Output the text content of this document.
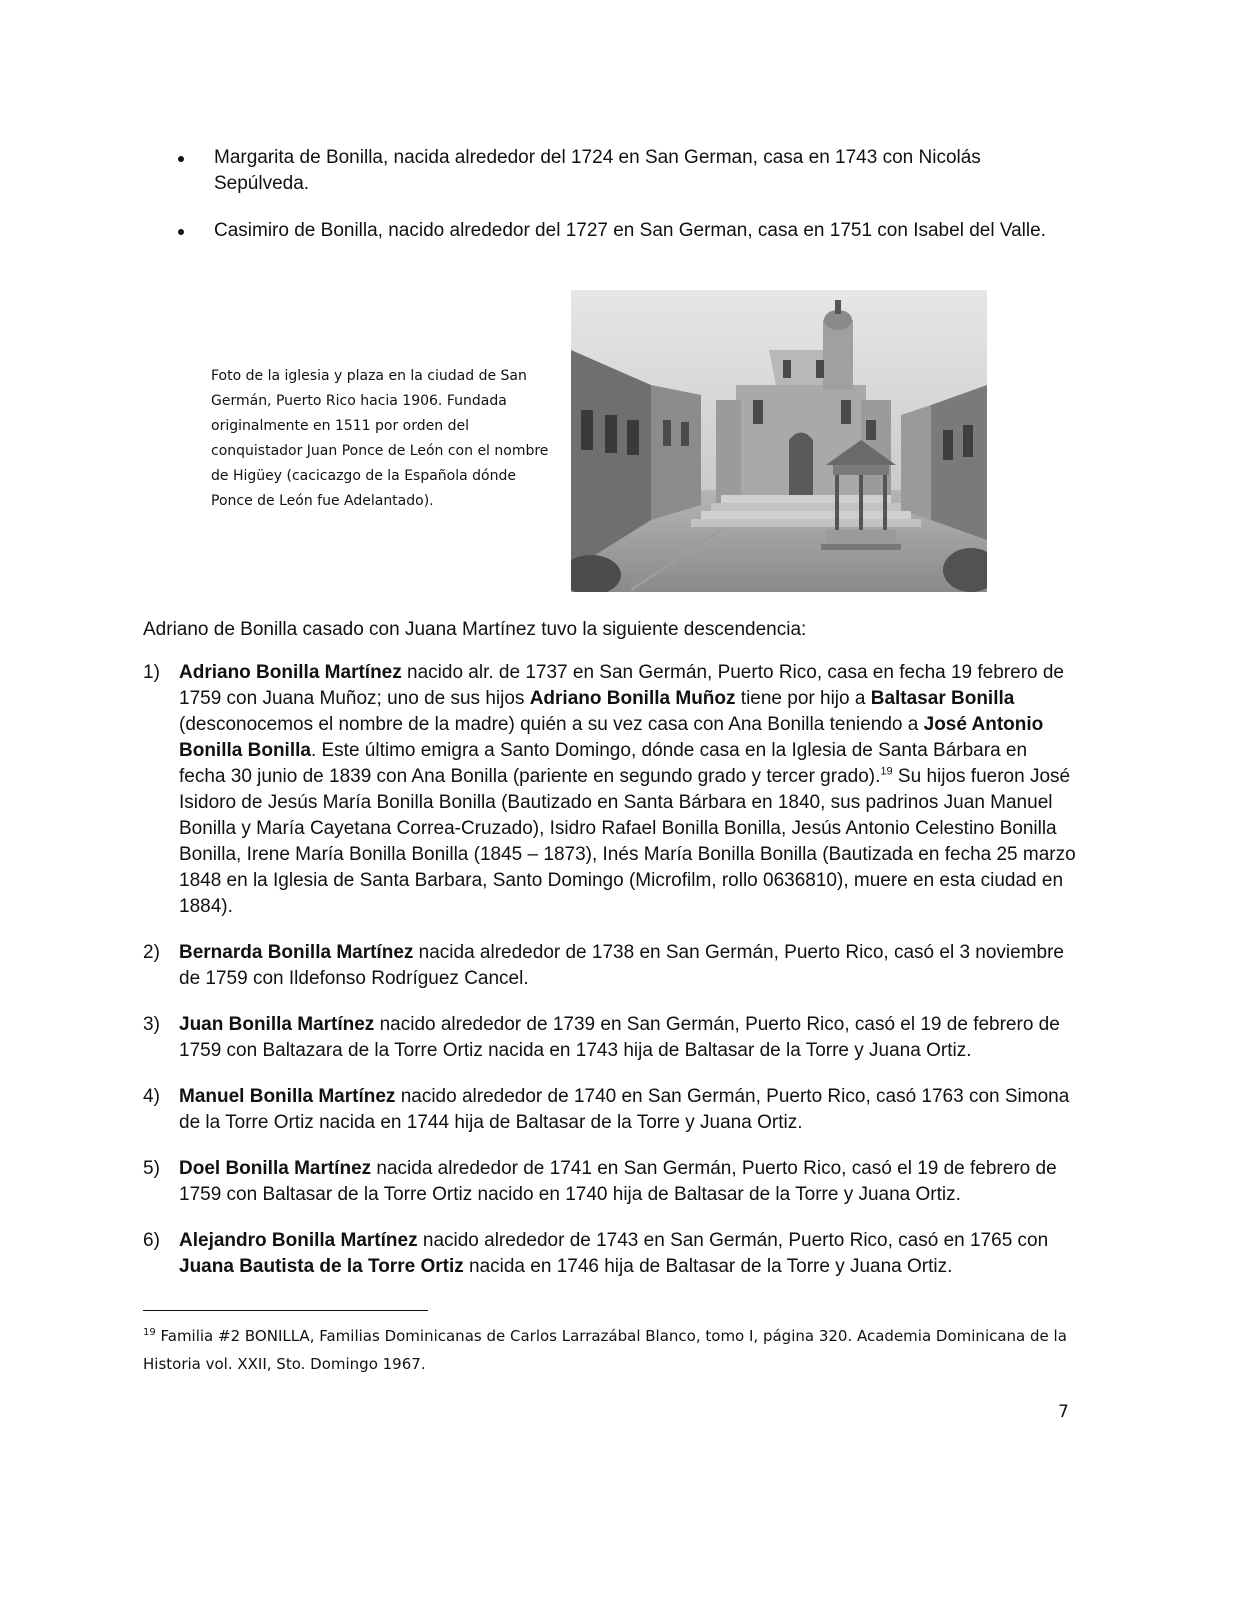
Margarita de Bonilla, nacida alrededor del 1724 en San German, casa en 1743 con Nicolás Sepúlveda.
Casimiro de Bonilla, nacido alrededor del 1727 en San German, casa en 1751 con Isabel del Valle.
Foto de la iglesia y plaza en la ciudad de San Germán, Puerto Rico hacia 1906. Fundada originalmente en 1511 por orden del conquistador Juan Ponce de León con el nombre de Higüey (cacicazgo de la Española dónde Ponce de León fue Adelantado).
Adriano de Bonilla casado con Juana Martínez tuvo la siguiente descendencia:
1) Adriano Bonilla Martínez nacido alr. de 1737 en San Germán, Puerto Rico, casa en fecha 19 febrero de 1759 con Juana Muñoz; uno de sus hijos Adriano Bonilla Muñoz tiene por hijo a Baltasar Bonilla (desconocemos el nombre de la madre) quién a su vez casa con Ana Bonilla teniendo a José Antonio Bonilla Bonilla. Este último emigra a Santo Domingo, dónde casa en la Iglesia de Santa Bárbara en fecha 30 junio de 1839 con Ana Bonilla (pariente en segundo grado y tercer grado).$^{19}$ Su hijos fueron José Isidoro de Jesús María Bonilla Bonilla (Bautizado en Santa Bárbara en 1840, sus padrinos Juan Manuel Bonilla y María Cayetana Correa-Cruzado), Isidro Rafael Bonilla Bonilla, Jesús Antonio Celestino Bonilla Bonilla, Irene María Bonilla Bonilla (1845 – 1873), Inés María Bonilla Bonilla (Bautizada en fecha 25 marzo 1848 en la Iglesia de Santa Barbara, Santo Domingo (Microfilm, rollo 0636810), muere en esta ciudad en 1884).
2) Bernarda Bonilla Martínez nacida alrededor de 1738 en San Germán, Puerto Rico, casó el 3 noviembre de 1759 con Ildefonso Rodríguez Cancel.
3) Juan Bonilla Martínez nacido alrededor de 1739 en San Germán, Puerto Rico, casó el 19 de febrero de 1759 con Baltazara de la Torre Ortiz nacida en 1743 hija de Baltasar de la Torre y Juana Ortiz.
4) Manuel Bonilla Martínez nacido alrededor de 1740 en San Germán, Puerto Rico, casó 1763 con Simona de la Torre Ortiz nacida en 1744 hija de Baltasar de la Torre y Juana Ortiz.
5) Doel Bonilla Martínez nacida alrededor de 1741 en San Germán, Puerto Rico, casó el 19 de febrero de 1759 con Baltasar de la Torre Ortiz nacido en 1740 hija de Baltasar de la Torre y Juana Ortiz.
6) Alejandro Bonilla Martínez nacido alrededor de 1743 en San Germán, Puerto Rico, casó en 1765 con Juana Bautista de la Torre Ortiz nacida en 1746 hija de Baltasar de la Torre y Juana Ortiz.
$^{19}$ Familia #2 BONILLA, Familias Dominicanas de Carlos Larrazábal Blanco, tomo I, página 320. Academia Dominicana de la Historia vol. XXII, Sto. Domingo 1967.
7
